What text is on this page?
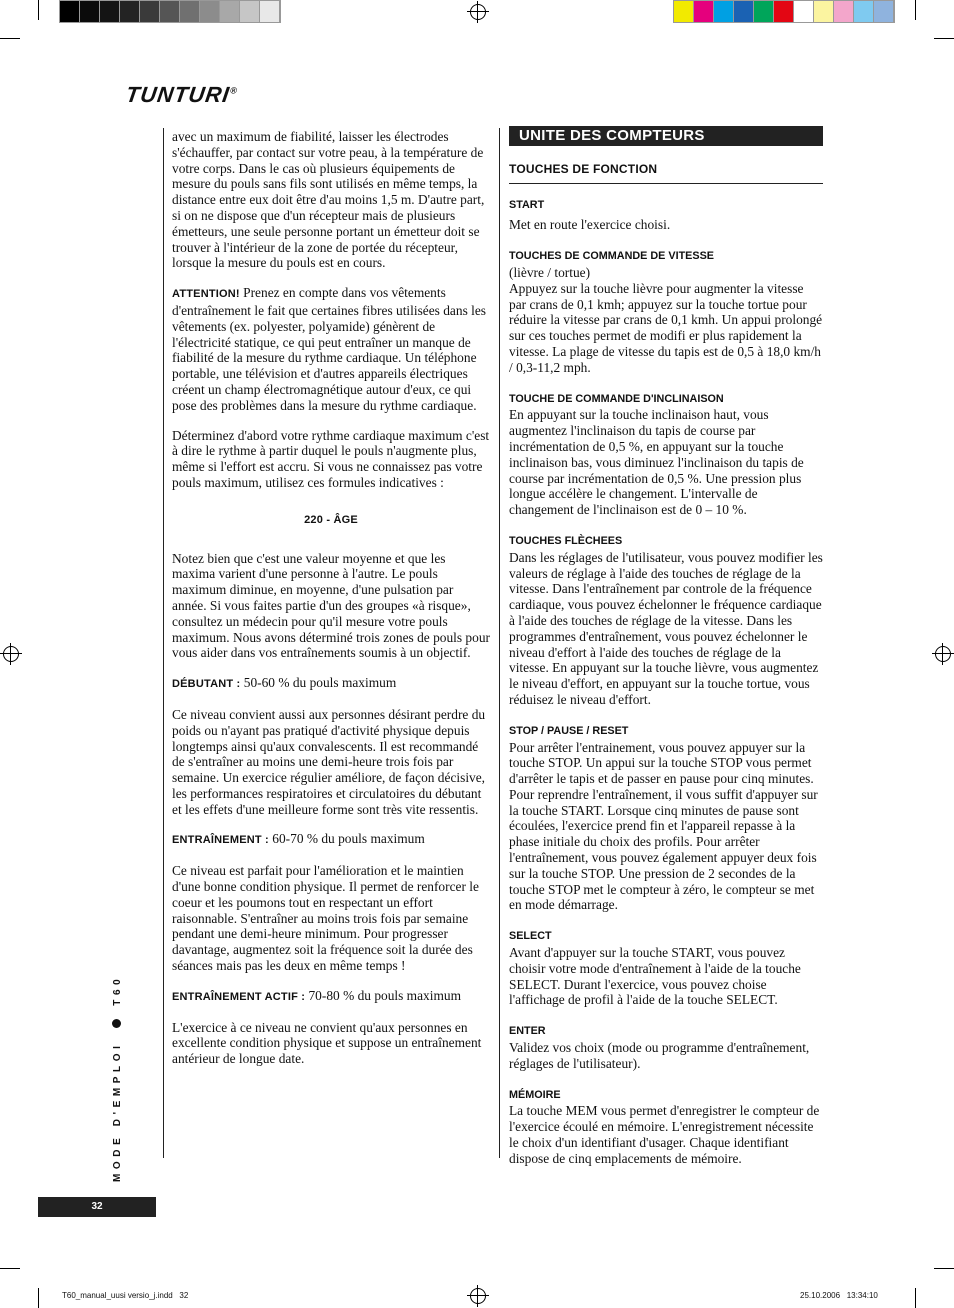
TUNTURI®
MODE D'EMPLOI  T60
32

avec un maximum de fiabilité, laisser les électrodes s'échauffer, par contact sur votre peau, à la température de votre corps. Dans le cas où plusieurs équipements de mesure du pouls sans fils sont utilisés en même temps, la distance entre eux doit être d'au moins 1,5 m. D'autre part, si on ne dispose que d'un récepteur mais de plusieurs émetteurs, une seule personne portant un émetteur doit se trouver à l'intérieur de la zone de portée du récepteur, lorsque la mesure du pouls est en cours.

ATTENTION! Prenez en compte dans vos vêtements d'entraînement le fait que certaines fibres utilisées dans les vêtements (ex. polyester, polyamide) génèrent de l'électricité statique, ce qui peut entraîner un manque de fiabilité de la mesure du rythme cardiaque. Un téléphone portable, une télévision et d'autres appareils électriques créent un champ électromagnétique autour d'eux, ce qui pose des problèmes dans la mesure du rythme cardiaque.

Déterminez d'abord votre rythme cardiaque maximum c'est à dire le rythme à partir duquel le pouls n'augmente plus, même si l'effort est accru. Si vous ne connaissez pas votre pouls maximum, utilisez ces formules indicatives :

220 - ÂGE

Notez bien que c'est une valeur moyenne et que les maxima varient d'une personne à l'autre. Le pouls maximum diminue, en moyenne, d'une pulsation par année. Si vous faites partie d'un des groupes «à risque», consultez un médecin pour qu'il mesure votre pouls maximum. Nous avons déterminé trois zones de pouls pour vous aider dans vos entraînements soumis à un objectif.

DÉBUTANT : 50-60 % du pouls maximum

Ce niveau convient aussi aux personnes désirant perdre du poids ou n'ayant pas pratiqué d'activité physique depuis longtemps ainsi qu'aux convalescents. Il est recommandé de s'entraîner au moins une demi-heure trois fois par semaine. Un exercice régulier améliore, de façon décisive, les performances respiratoires et circulatoires du débutant et les effets d'une meilleure forme sont très vite ressentis.

ENTRAÎNEMENT : 60-70 % du pouls maximum

Ce niveau est parfait pour l'amélioration et le maintien d'une bonne condition physique. Il permet de renforcer le coeur et les poumons tout en respectant un effort raisonnable. S'entraîner au moins trois fois par semaine pendant une demi-heure minimum. Pour progresser davantage, augmentez soit la fréquence soit la durée des séances mais pas les deux en même temps !

ENTRAÎNEMENT ACTIF : 70-80 % du pouls maximum

L'exercice à ce niveau ne convient qu'aux personnes en excellente condition physique et suppose un entraînement antérieur de longue date.

UNITE DES COMPTEURS
TOUCHES DE FONCTION
START
Met en route l'exercice choisi.
TOUCHES DE COMMANDE DE VITESSE
(lièvre / tortue)
Appuyez sur la touche lièvre pour augmenter la vitesse par crans de 0,1 kmh; appuyez sur la touche tortue pour réduire la vitesse par crans de 0,1 kmh. Un appui prolongé sur ces touches permet de modifi er plus rapidement la vitesse. La plage de vitesse du tapis est de 0,5 à 18,0 km/h / 0,3-11,2 mph.
TOUCHE DE COMMANDE D'INCLINAISON
En appuyant sur la touche inclinaison haut, vous augmentez l'inclinaison du tapis de course par incrémentation de 0,5 %, en appuyant sur la touche inclinaison bas, vous diminuez l'inclinaison du tapis de course par incrémentation de 0,5 %. Une pression plus longue accélère le changement. L'intervalle de changement de l'inclinaison est de 0 – 10 %.
TOUCHES FLÈCHEES
Dans les réglages de l'utilisateur, vous pouvez modifier les valeurs de réglage à l'aide des touches de réglage de la vitesse. Dans l'entraînement par controle de la fréquence cardiaque, vous pouvez échelonner le fréquence cardiaque à l'aide des touches de réglage de la vitesse. Dans les programmes d'entraînement, vous pouvez échelonner le niveau d'effort à l'aide des touches de réglage de la vitesse. En appuyant sur la touche lièvre, vous augmentez le niveau d'effort, en appuyant sur la touche tortue, vous réduisez le niveau d'effort.
STOP / PAUSE / RESET
Pour arrêter l'entrainement, vous pouvez appuyer sur la touche STOP. Un appui sur la touche STOP vous permet d'arrêter le tapis et de passer en pause pour cinq minutes. Pour reprendre l'entraînement, il vous suffit d'appuyer sur la touche START. Lorsque cinq minutes de pause sont écoulées, l'exercice prend fin et l'appareil repasse à la phase initiale du choix des profils. Pour arrêter l'entraînement, vous pouvez également appuyer deux fois sur la touche STOP. Une pression de 2 secondes de la touche STOP met le compteur à zéro, le compteur se met en mode démarrage.
SELECT
Avant d'appuyer sur la touche START, vous pouvez choisir votre mode d'entraînement à l'aide de la touche SELECT. Durant l'exercice, vous pouvez choise l'affichage de profil à l'aide de la touche SELECT.
ENTER
Validez vos choix (mode ou programme d'entraînement, réglages de l'utilisateur).
MÉMOIRE
La touche MEM vous permet d'enregistrer le compteur de l'exercice écoulé en mémoire. L'enregistrement nécessite le choix d'un identifiant d'usager. Chaque identifiant dispose de cinq emplacements de mémoire.
T60_manual_uusi versio_j.indd   32	25.10.2006   13:34:10
